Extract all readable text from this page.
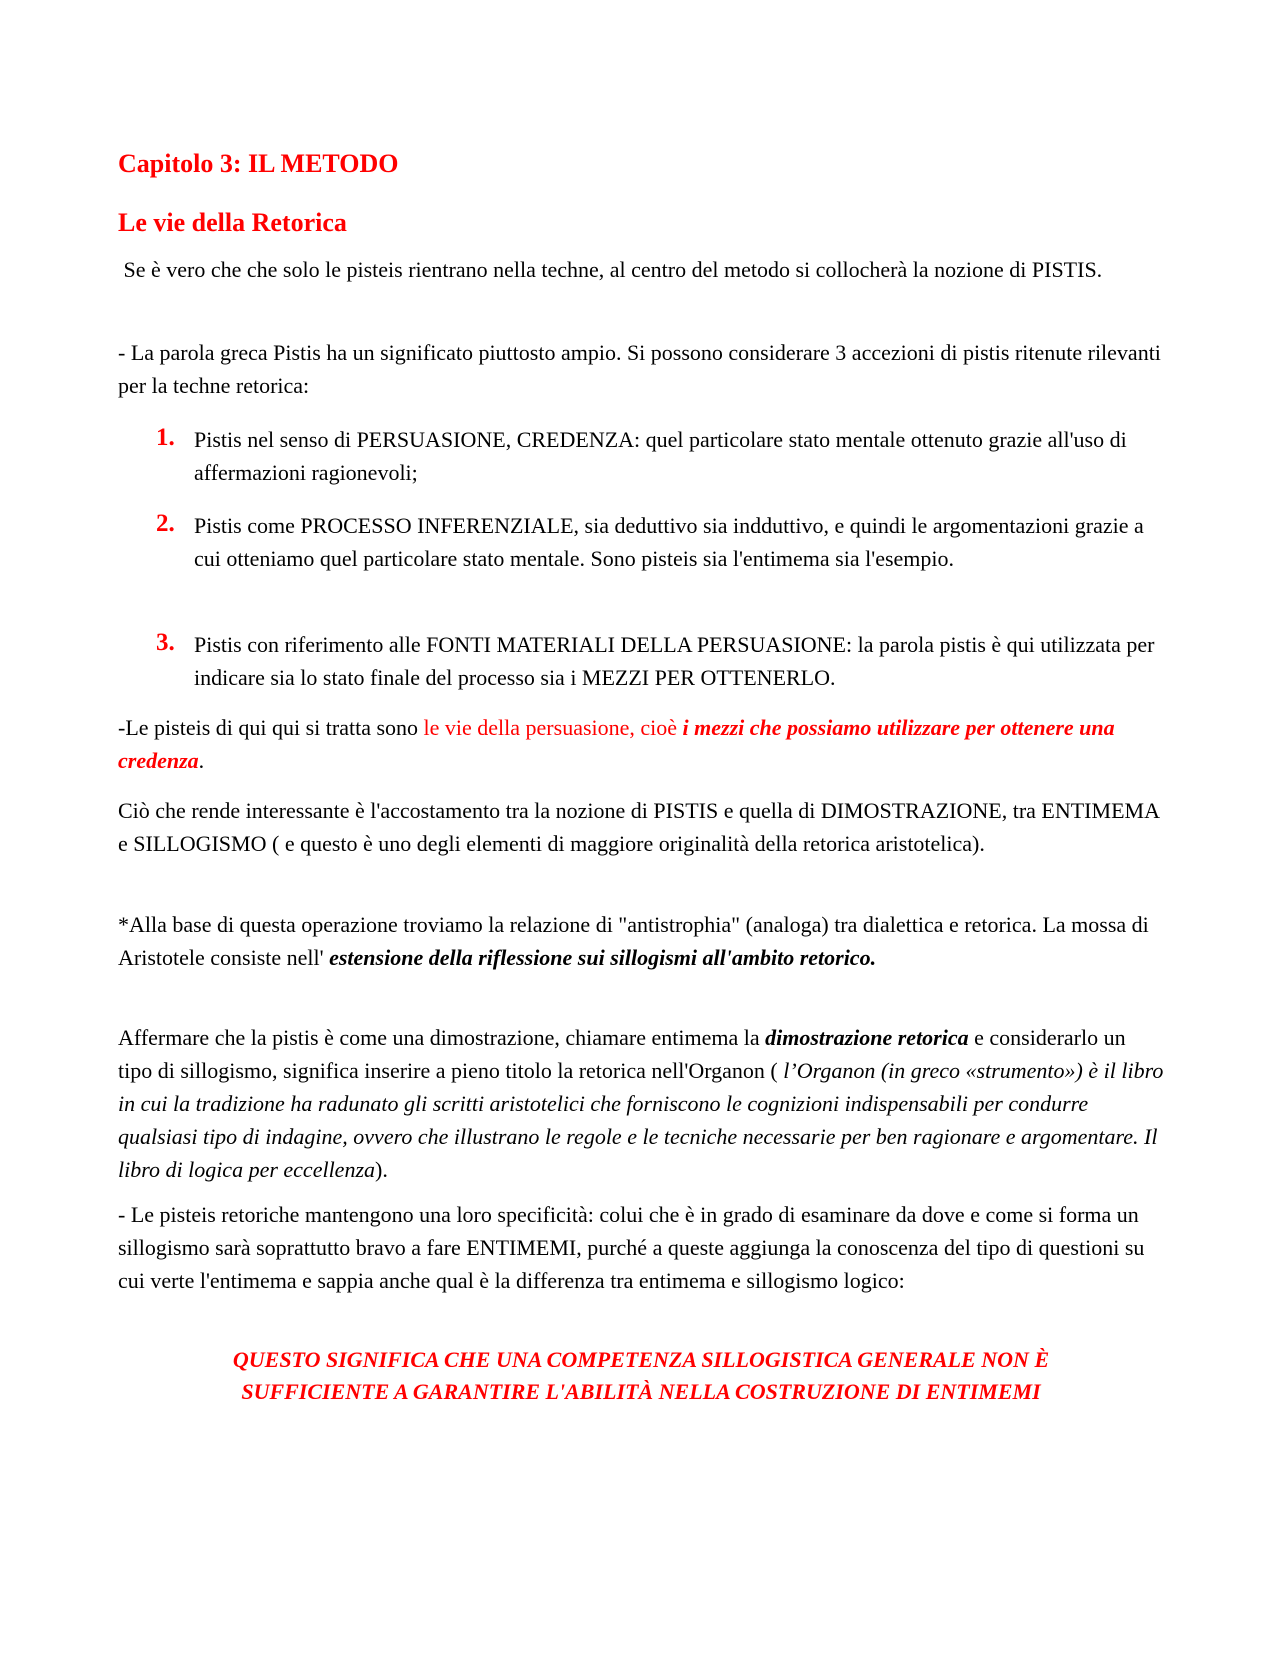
Capitolo 3: IL METODO
Le vie della Retorica

Se è vero che che solo le pisteis rientrano nella techne, al centro del metodo si collocherà la nozione di PISTIS.

- La parola greca Pistis ha un significato piuttosto ampio. Si possono considerare 3 accezioni di pistis ritenute rilevanti per la techne retorica:

1. Pistis nel senso di PERSUASIONE, CREDENZA: quel particolare stato mentale ottenuto grazie all'uso di affermazioni ragionevoli;
2. Pistis come PROCESSO INFERENZIALE, sia deduttivo sia indduttivo, e quindi le argomentazioni grazie a cui otteniamo quel particolare stato mentale. Sono pisteis sia l'entimema sia l'esempio.
3. Pistis con riferimento alle FONTI MATERIALI DELLA PERSUASIONE: la parola pistis è qui utilizzata per indicare sia lo stato finale del processo sia i MEZZI PER OTTENERLO.

-Le pisteis di qui qui si tratta sono le vie della persuasione, cioè i mezzi che possiamo utilizzare per ottenere una credenza.

Ciò che rende interessante è l'accostamento tra la nozione di PISTIS e quella di DIMOSTRAZIONE, tra ENTIMEMA e SILLOGISMO ( e questo è uno degli elementi di maggiore originalità della retorica aristotelica).

*Alla base di questa operazione troviamo la relazione di "antistrophia" (analoga) tra dialettica e retorica. La mossa di Aristotele consiste nell' estensione della riflessione sui sillogismi all'ambito retorico.

Affermare che la pistis è come una dimostrazione, chiamare entimema la dimostrazione retorica e considerarlo un tipo di sillogismo, significa inserire a pieno titolo la retorica nell'Organon ( l’Organon (in greco «strumento») è il libro in cui la tradizione ha radunato gli scritti aristotelici che forniscono le cognizioni indispensabili per condurre qualsiasi tipo di indagine, ovvero che illustrano le regole e le tecniche necessarie per ben ragionare e argomentare. Il libro di logica per eccellenza).

- Le pisteis retoriche mantengono una loro specificità: colui che è in grado di esaminare da dove e come si forma un sillogismo sarà soprattutto bravo a fare ENTIMEMI, purché a queste aggiunga la conoscenza del tipo di questioni su cui verte l'entimema e sappia anche qual è la differenza tra entimema e sillogismo logico:

QUESTO SIGNIFICA CHE UNA COMPETENZA SILLOGISTICA GENERALE NON È

SUFFICIENTE A GARANTIRE L'ABILITÀ NELLA COSTRUZIONE DI ENTIMEMI
